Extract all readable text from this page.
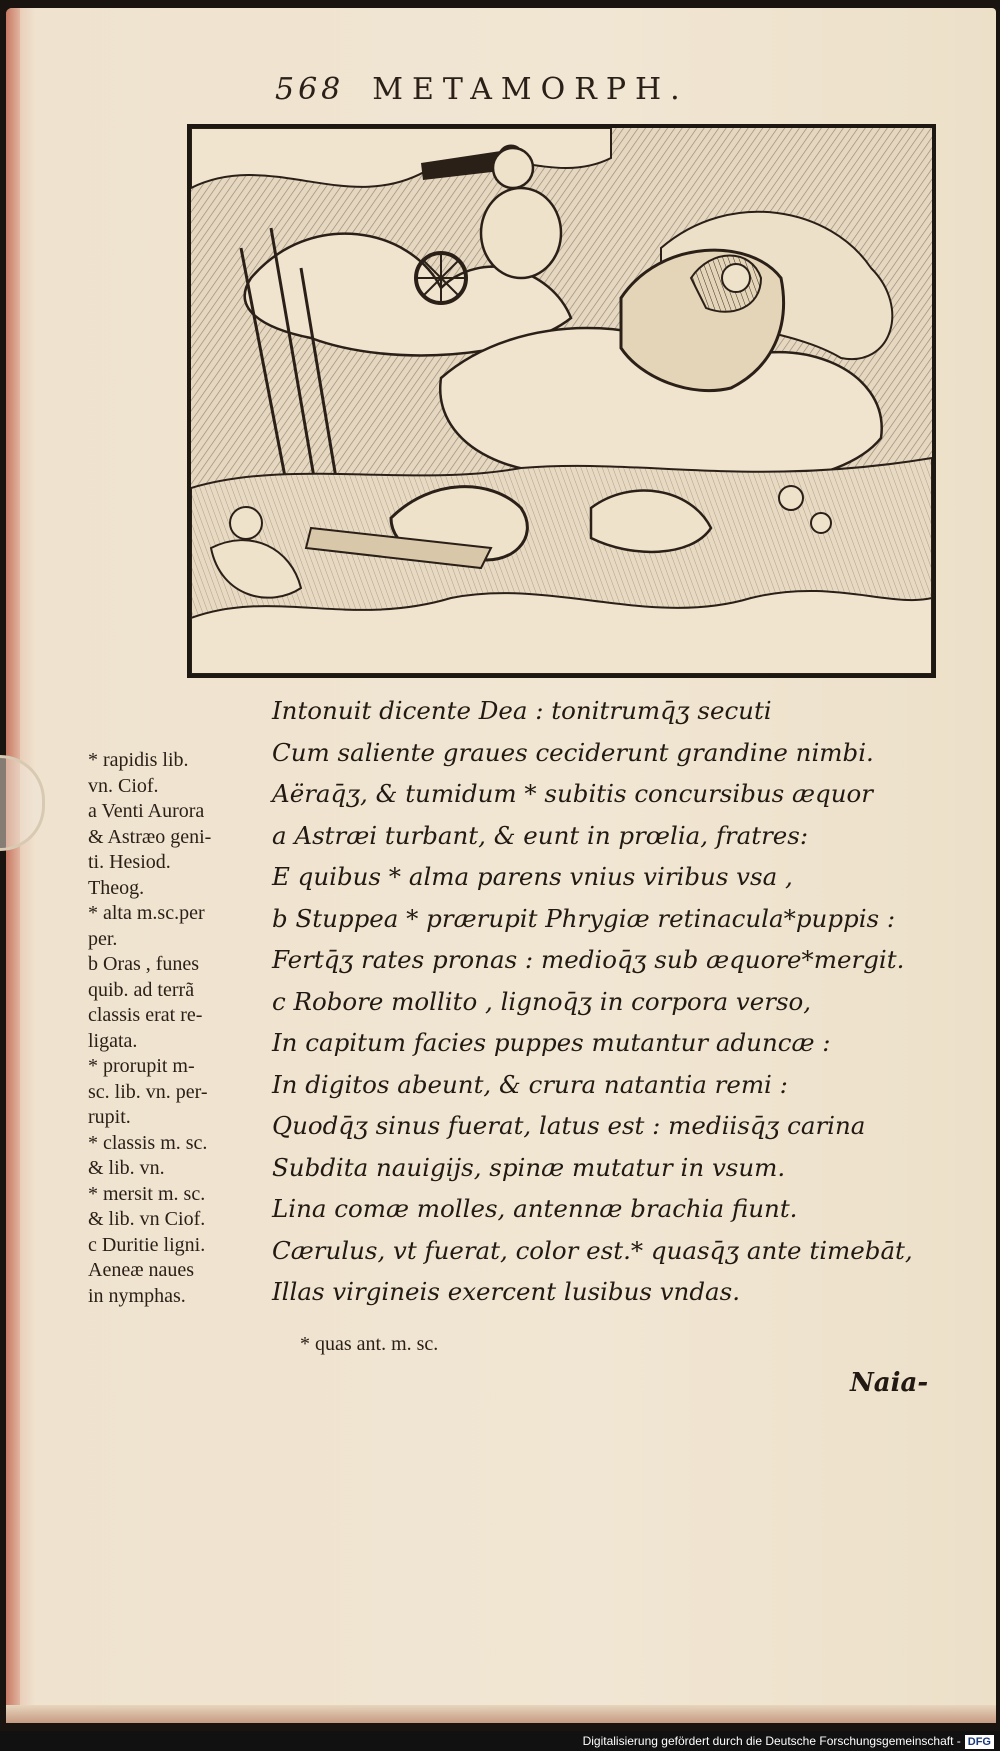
568 METAMORPH.
* rapidis lib.
vn. Ciof.
a Venti Aurora
& Astræo geni-
ti. Hesiod.
Theog.
* alta m.sc.per
per.
b Oras , funes
quib. ad terrã
classis erat re-
ligata.
* prorupit m-
sc. lib. vn. per-
rupit.
* classis m. sc.
& lib. vn.
* mersit m. sc.
& lib. vn Ciof.
c Duritie ligni.
Aeneæ naues
in nymphas.
Intonuit dicente Dea : tonitrumq̄ʒ secuti
Cum saliente graues ceciderunt grandine nimbi.
Aëraq̄ʒ, & tumidum * subitis concursibus æquor
a Astræi turbant, & eunt in prœlia, fratres:
E quibus * alma parens vnius viribus vsa ,
b Stuppea * prærupit Phrygiæ retinacula*puppis :
Fertq̄ʒ rates pronas : medioq̄ʒ sub æquore*mergit.
c Robore mollito , lignoq̄ʒ in corpora verso,
In capitum facies puppes mutantur aduncæ :
In digitos abeunt, & crura natantia remi :
Quodq̄ʒ sinus fuerat, latus est : mediisq̄ʒ carina
Subdita nauigijs, spinæ mutatur in vsum.
Lina comæ molles, antennæ brachia fiunt.
Cærulus, vt fuerat, color est.* quasq̄ʒ ante timebāt,
Illas virgineis exercent lusibus vndas.
* quas ant. m. sc.
Naia-
Digitalisierung gefördert durch die Deutsche Forschungsgemeinschaft - DFG
